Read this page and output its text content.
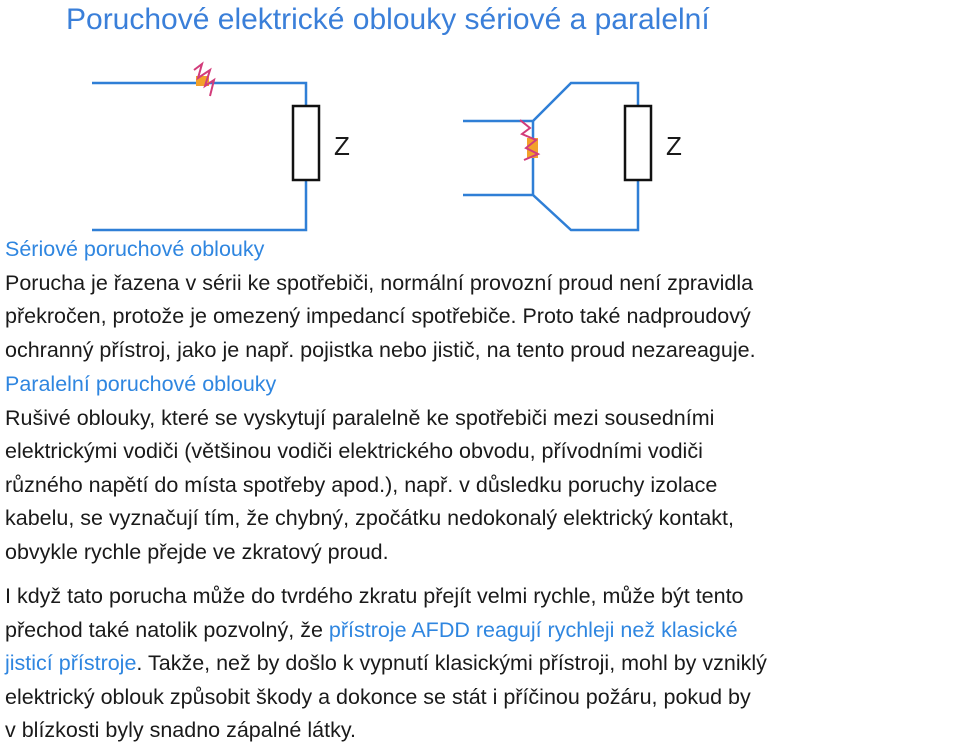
Poruchové elektrické oblouky sériové a paralelní
Z	Z
Sériové poruchové oblouky
Porucha je řazena v sérii ke spotřebiči, normální provozní proud není zpravidla
překročen, protože je omezený impedancí spotřebiče. Proto také nadproudový
ochranný přístroj, jako je např. pojistka nebo jistič, na tento proud nezareaguje.
Paralelní poruchové oblouky
Rušivé oblouky, které se vyskytují paralelně ke spotřebiči mezi sousedními
elektrickými vodiči (většinou vodiči elektrického obvodu, přívodními vodiči
různého napětí do místa spotřeby apod.), např. v důsledku poruchy izolace
kabelu, se vyznačují tím, že chybný, zpočátku nedokonalý elektrický kontakt,
obvykle rychle přejde ve zkratový proud.
I když tato porucha může do tvrdého zkratu přejít velmi rychle, může být tento
přechod také natolik pozvolný, že přístroje AFDD reagují rychleji než klasické
jisticí přístroje. Takže, než by došlo k vypnutí klasickými přístroji, mohl by vzniklý
elektrický oblouk způsobit škody a dokonce se stát i příčinou požáru, pokud by
v blízkosti byly snadno zápalné látky.
